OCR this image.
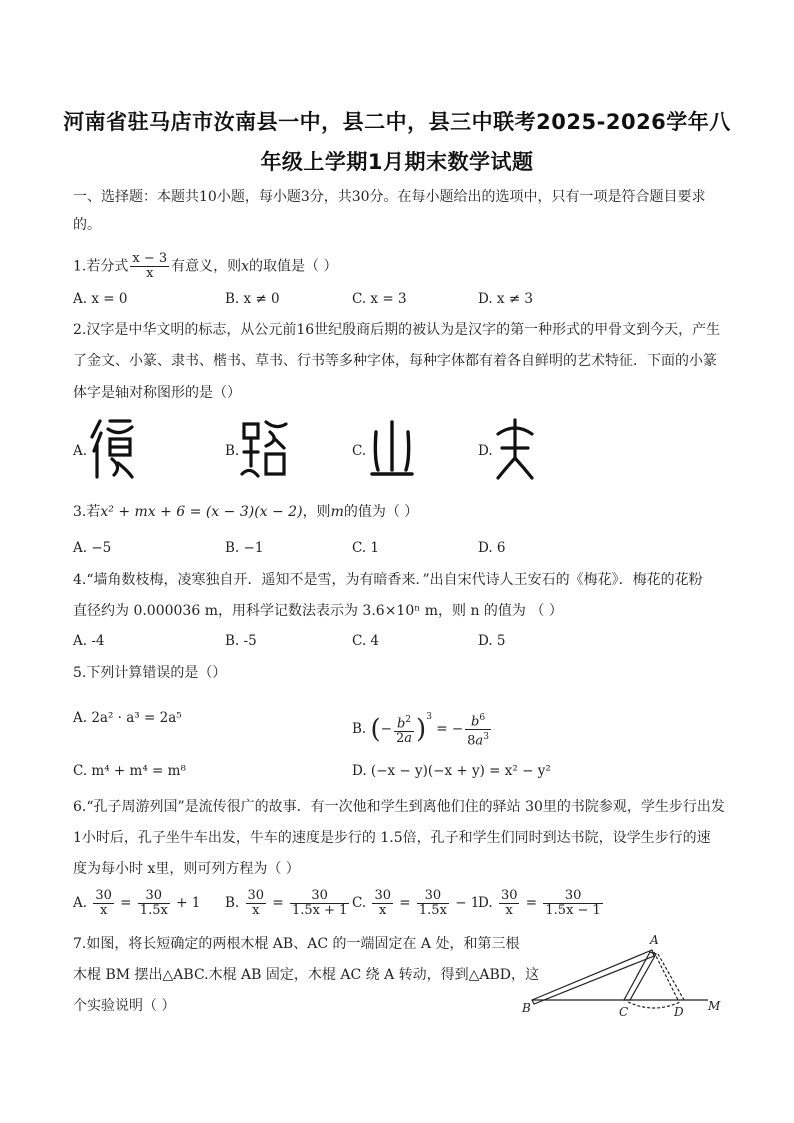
河南省驻马店市汝南县一中，县二中，县三中联考2025-2026学年八
年级上学期1月期末数学试题
一、选择题：本题共10小题，每小题3分，共30分。在每小题给出的选项中，只有一项是符合题目要求
的。
1.若分式 $\frac{x - 3}{x}$ 有意义，则x的取值是（ ）
A. x = 0	B. x ≠ 0	C. x = 3	D. x ≠ 3
2.汉字是中华文明的标志，从公元前16世纪殷商后期的被认为是汉字的第一种形式的甲骨文到今天，产生
了金文、小篆、隶书、楷书、草书、行书等多种字体，每种字体都有着各自鲜明的艺术特征．下面的小篆
体字是轴对称图形的是（）
A.	B.	C.	D.
3.若x² + mx + 6 = (x − 3)(x − 2)，则m的值为（ ）
A. −5	B. −1	C. 1	D. 6
4.“墙角数枝梅，凌寒独自开．遥知不是雪，为有暗香来．”出自宋代诗人王安石的《梅花》．梅花的花粉
直径约为 0.000036 m，用科学记数法表示为 3.6×10ⁿ m，则 n 的值为 （ ）
A. -4	B. -5	C. 4	D. 5
5.下列计算错误的是（）
A. 2a² · a³ = 2a⁵
B. (− $\frac{b^2}{2a} )^3$ = − $\frac{b^6}{8a^3}$
C. m⁴ + m⁴ = m⁸	D. (−x − y)(−x + y) = x² − y²
6.“孔子周游列国”是流传很广的故事．有一次他和学生到离他们住的驿站 30里的书院参观，学生步行出发
1小时后，孔子坐牛车出发，牛车的速度是步行的 1.5倍，孔子和学生们同时到达书院，设学生步行的速
度为每小时 x里，则可列方程为（ ）
A. $\frac{30}{x} = \frac{30}{1.5x} + 1$ B. $\frac{30}{x} = \frac{30}{1.5x + 1} C$. $\frac{30}{x} = \frac{30}{1.5x} - 1$
D. $\frac{30}{x} = \frac{30}{1.5x - 1}$
7.如图，将长短确定的两根木棍 AB、AC 的一端固定在 A 处，和第三根
木棍 BM 摆出△ABC.木棍 AB 固定，木棍 AC 绕 A 转动，得到△ABD，这
个实验说明（ ）
A
B	C	D M
